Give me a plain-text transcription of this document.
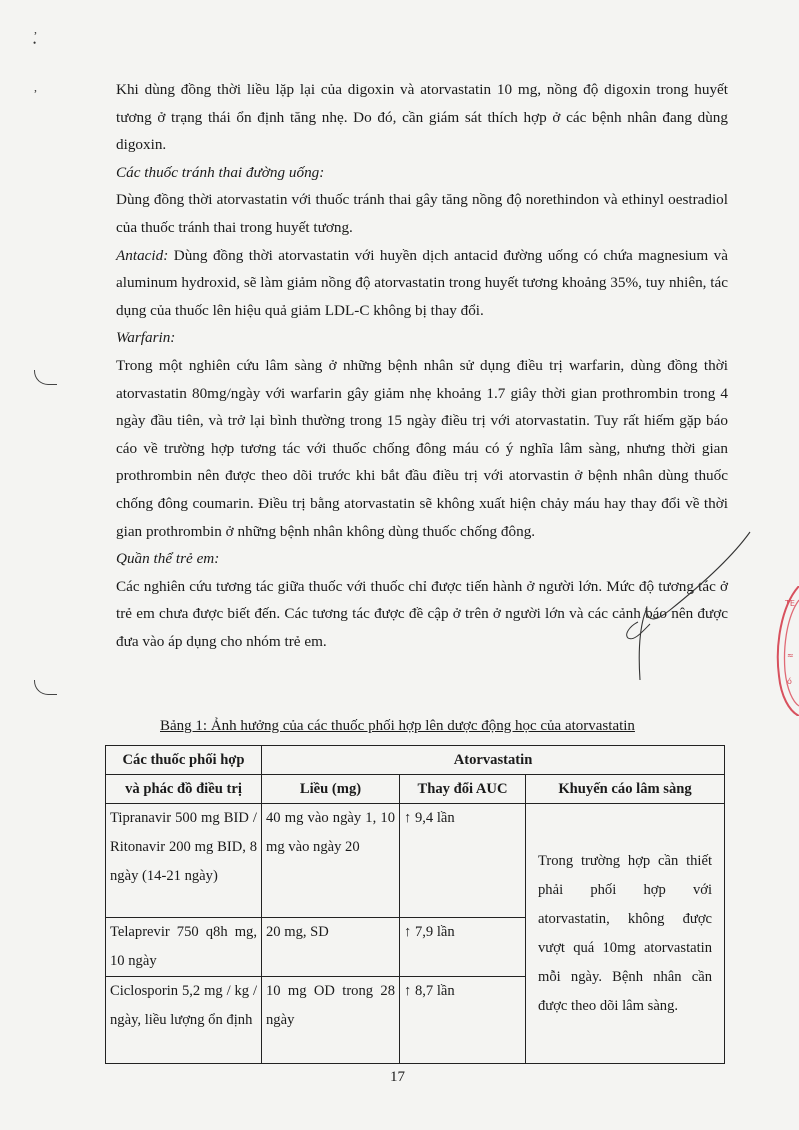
,
•
,	Khi dùng đồng thời liều lặp lại của digoxin và atorvastatin 10 mg, nồng độ digoxin trong huyết tương ở trạng thái ổn định tăng nhẹ. Do đó, cần giám sát thích hợp ở các bệnh nhân đang dùng digoxin.

Các thuốc tránh thai đường uống:

Dùng đồng thời atorvastatin với thuốc tránh thai gây tăng nồng độ norethindon và ethinyl oestradiol của thuốc tránh thai trong huyết tương.

Antacid: Dùng đồng thời atorvastatin với huyền dịch antacid đường uống có chứa magnesium và aluminum hydroxid, sẽ làm giảm nồng độ atorvastatin trong huyết tương khoảng 35%, tuy nhiên, tác dụng của thuốc lên hiệu quả giảm LDL-C không bị thay đổi.

Warfarin:

Trong một nghiên cứu lâm sàng ở những bệnh nhân sử dụng điều trị warfarin, dùng đồng thời atorvastatin 80mg/ngày với warfarin gây giảm nhẹ khoảng 1.7 giây thời gian prothrombin trong 4 ngày đầu tiên, và trở lại bình thường trong 15 ngày điều trị với atorvastatin. Tuy rất hiếm gặp báo cáo về trường hợp tương tác với thuốc chống đông máu có ý nghĩa lâm sàng, nhưng thời gian prothrombin nên được theo dõi trước khi bắt đầu điều trị với atorvastin ở bệnh nhân dùng thuốc chống đông coumarin. Điều trị bằng atorvastatin sẽ không xuất hiện chảy máu hay thay đổi về thời gian prothrombin ở những bệnh nhân không dùng thuốc chống đông.

Quần thể trẻ em:

Các nghiên cứu tương tác giữa thuốc với thuốc chỉ được tiến hành ở người lớn. Mức độ tương tác ở trẻ em chưa được biết đến. Các tương tác được đề cập ở trên ở người lớn và các cảnh báo nên được đưa vào áp dụng cho nhóm trẻ em.

TE
≈
ó
Bảng 1: Ảnh hưởng của các thuốc phối hợp lên dược động học của atorvastatin
Các thuốc phối hợp	Atorvastatin		
và phác đồ điều trị	Liều (mg)	Thay đổi AUC	Khuyến cáo lâm sàng
Tipranavir 500 mg BID / Ritonavir 200 mg BID, 8 ngày (14-21 ngày)	40 mg vào ngày 1, 10 mg vào ngày 20	↑ 9,4 lần	Trong trường hợp cần thiết phải phối hợp với atorvastatin, không được vượt quá 10mg atorvastatin mỗi ngày. Bệnh nhân cần được theo dõi lâm sàng.
Telaprevir 750 q8h mg, 10 ngày	20 mg, SD	↑ 7,9 lần	
Ciclosporin 5,2 mg / kg / ngày, liều lượng ổn định	10 mg OD trong 28 ngày	↑ 8,7 lần	
17
